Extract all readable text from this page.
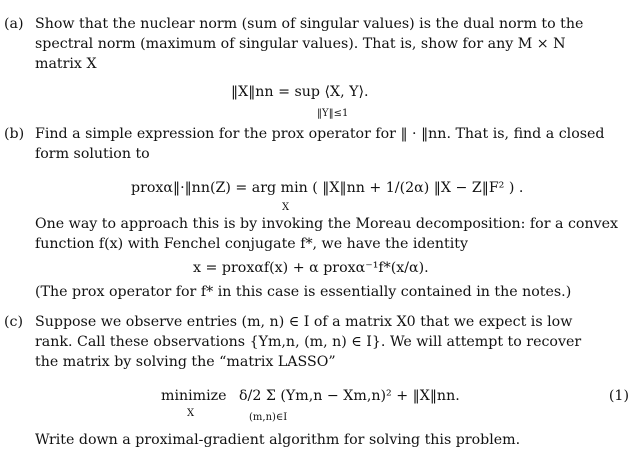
(a) Show that the nuclear norm (sum of singular values) is the dual norm to the

spectral norm (maximum of singular values). That is, show for any M × N

matrix X

‖X‖nn = sup ⟨X, Y⟩.
‖Y‖≤1
(b) Find a simple expression for the prox operator for ‖ · ‖nn. That is, find a closed

form solution to

proxα‖·‖nn(Z) = arg min ( ‖X‖nn + 1/(2α) ‖X − Z‖F² ) .
X

One way to approach this is by invoking the Moreau decomposition: for a convex

function f(x) with Fenchel conjugate f*, we have the identity

x = proxαf(x) + α proxα⁻¹f*(x/α).

(The prox operator for f* in this case is essentially contained in the notes.)

(c) Suppose we observe entries (m, n) ∈ I of a matrix X0 that we expect is low

rank. Call these observations {Ym,n, (m, n) ∈ I}. We will attempt to recover

the matrix by solving the “matrix LASSO”

minimize
X
δ/2 Σ (Ym,n − Xm,n)² + ‖X‖nn.
(m,n)∈I
(1)

Write down a proximal-gradient algorithm for solving this problem.
